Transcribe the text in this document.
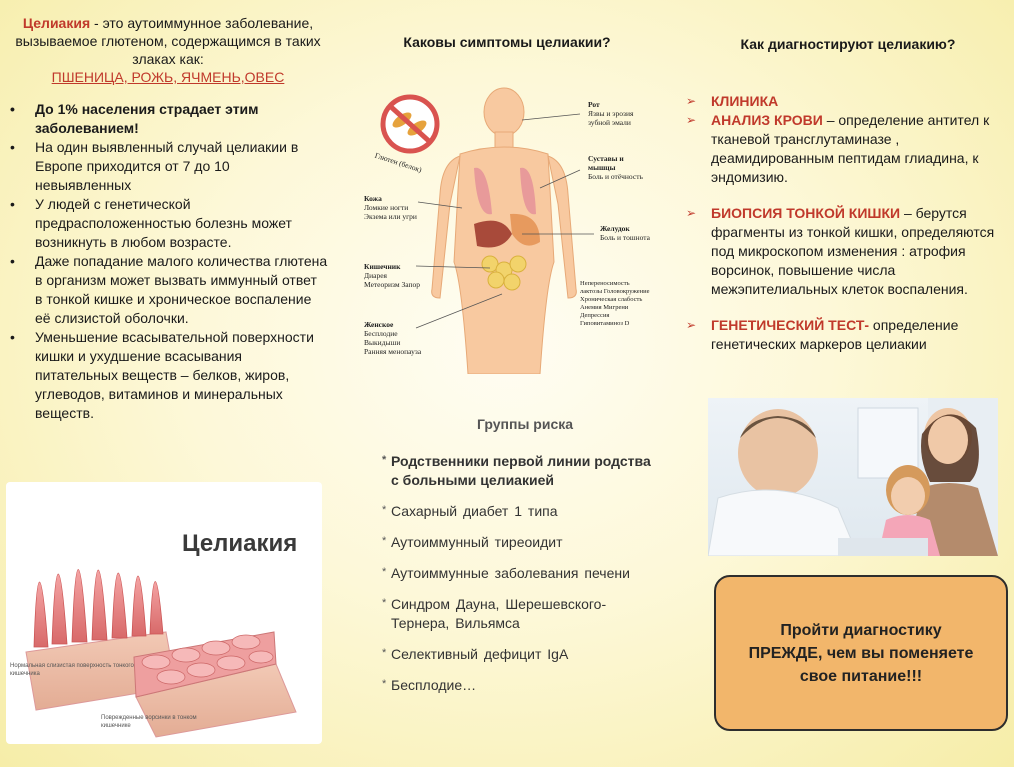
Целиакия - это аутоиммунное заболевание, вызываемое глютеном, содержащимся в таких злаках как:
ПШЕНИЦА, РОЖЬ, ЯЧМЕНЬ,ОВЕС
• До 1% населения страдает этим заболеванием!
• На один выявленный случай целиакии в Европе приходится от 7 до 10 невыявленных
• У людей с генетической предрасположенностью болезнь может возникнуть в любом возрасте.
• Даже попадание малого количества глютена в организм может вызвать иммунный ответ в тонкой кишке и хроническое воспаление её слизистой оболочки.
• Уменьшение всасывательной поверхности кишки и ухудшение всасывания питательных веществ – белков, жиров, углеводов, витаминов и минеральных веществ.
Целиакия
Нормальная слизистая поверхность тонкого кишечника
Поврежденные ворсинки в тонком кишечнике
Каковы симптомы целиакии?
Глютен (белок)
Рот
Язвы и эрозия зубной эмали
Суставы и мышцы
Боль и отёчность
Кожа
Ломкие ногти Экзема или угри
Желудок
Боль и тошнота
Кишечник
Диарея Метеоризм Запор	Непереносимость лактозы Головокружение Хроническая слабость Анемия Мигрени Депрессия Гиповитаминоз D
Женское
Бесплодие Выкидыши Ранняя менопауза
Группы риска
* Родственники первой линии родства с больными целиакией
* Сахарный диабет 1 типа
* Аутоиммунный тиреоидит
* Аутоиммунные заболевания печени
* Синдром Дауна, Шерешевского-Тернера, Вильямса
* Селективный дефицит IgA
* Бесплодие…
Как диагностируют целиакию?
➢ КЛИНИКА
➢ АНАЛИЗ КРОВИ – определение антител к тканевой трансглутаминазе , деамидированным пептидам глиадина, к эндомизию.
➢ БИОПСИЯ ТОНКОЙ КИШКИ – берутся фрагменты из тонкой кишки, определяются под микроскопом изменения : атрофия ворсинок, повышение числа межэпителиальных клеток воспаления.
➢ ГЕНЕТИЧЕСКИЙ ТЕСТ- определение генетических маркеров целиакии
Пройти диагностику ПРЕЖДЕ, чем вы поменяете свое питание!!!
